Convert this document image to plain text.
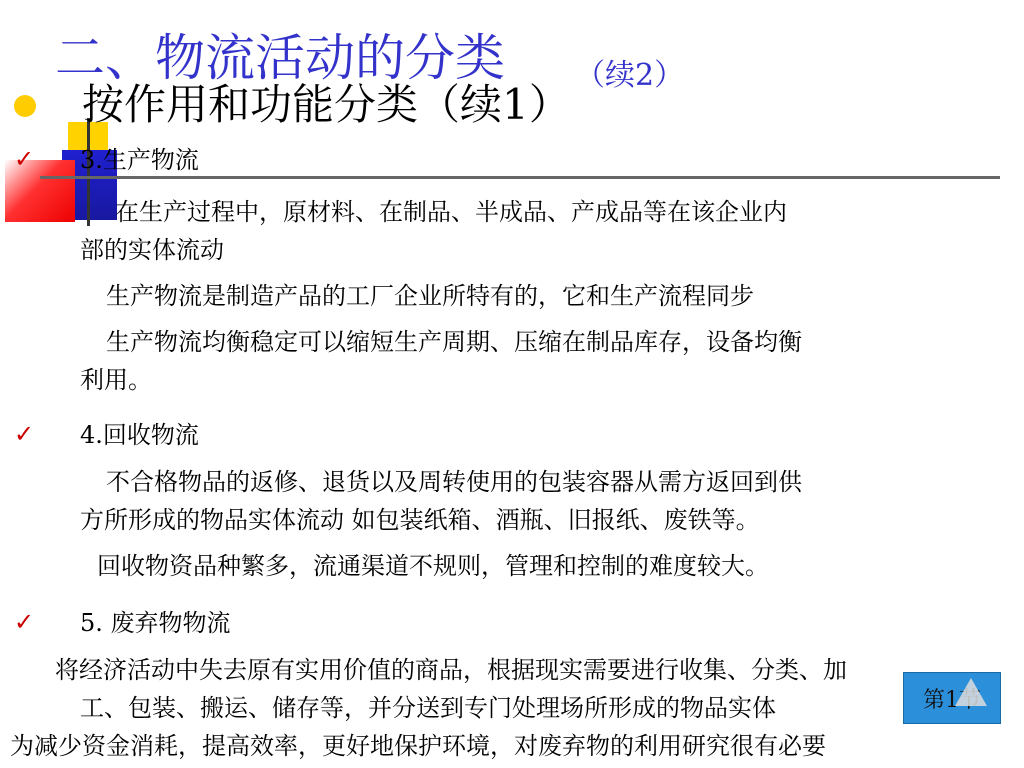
二、物流活动的分类 （续2）
按作用和功能分类（续1）
✓ 3.生产物流
在生产过程中，原材料、在制品、半成品、产成品等在该企业内
部的实体流动
生产物流是制造产品的工厂企业所特有的，它和生产流程同步
生产物流均衡稳定可以缩短生产周期、压缩在制品库存，设备均衡
利用。
✓ 4.回收物流
不合格物品的返修、退货以及周转使用的包装容器从需方返回到供
方所形成的物品实体流动 如包装纸箱、酒瓶、旧报纸、废铁等。
回收物资品种繁多，流通渠道不规则，管理和控制的难度较大。
✓ 5. 废弃物物流
将经济活动中失去原有实用价值的商品，根据现实需要进行收集、分类、加
工、包装、搬运、储存等，并分送到专门处理场所形成的物品实体
为减少资金消耗，提高效率，更好地保护环境，对废弃物的利用研究很有必要
第1节
